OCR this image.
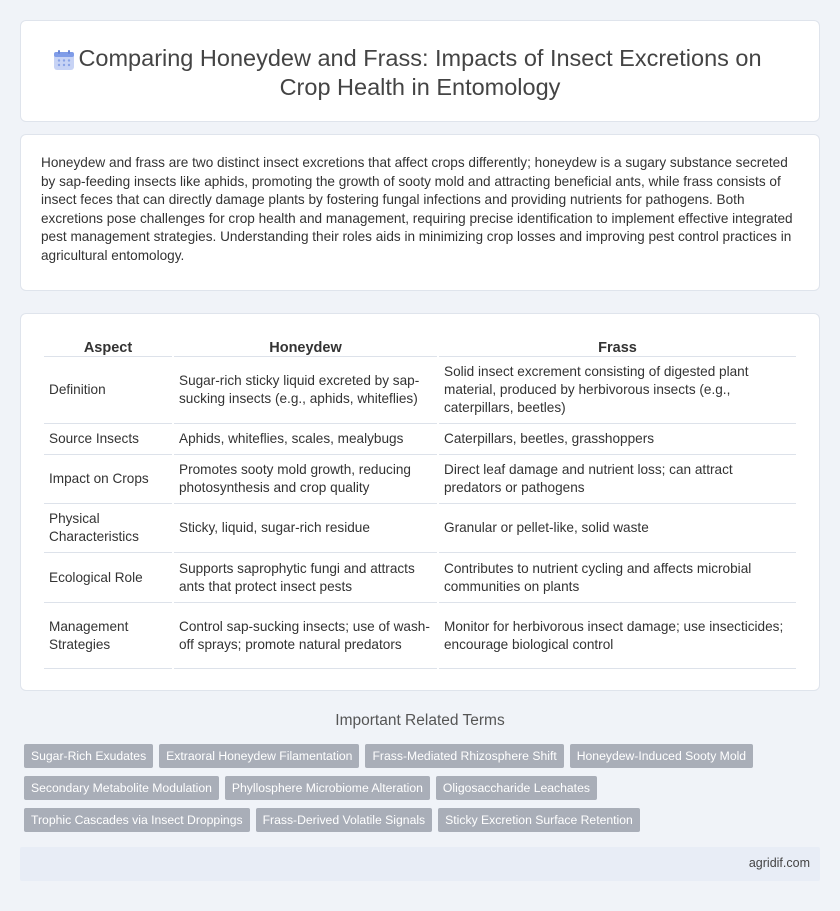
Comparing Honeydew and Frass: Impacts of Insect Excretions on Crop Health in Entomology

Honeydew and frass are two distinct insect excretions that affect crops differently; honeydew is a sugary substance secreted by sap-feeding insects like aphids, promoting the growth of sooty mold and attracting beneficial ants, while frass consists of insect feces that can directly damage plants by fostering fungal infections and providing nutrients for pathogens. Both excretions pose challenges for crop health and management, requiring precise identification to implement effective integrated pest management strategies. Understanding their roles aids in minimizing crop losses and improving pest control practices in agricultural entomology.

Aspect	Honeydew	Frass
Definition	Sugar-rich sticky liquid excreted by sap-sucking insects (e.g., aphids, whiteflies)	Solid insect excrement consisting of digested plant material, produced by herbivorous insects (e.g., caterpillars, beetles)
Source Insects	Aphids, whiteflies, scales, mealybugs	Caterpillars, beetles, grasshoppers
Impact on Crops	Promotes sooty mold growth, reducing photosynthesis and crop quality	Direct leaf damage and nutrient loss; can attract predators or pathogens
Physical Characteristics	Sticky, liquid, sugar-rich residue	Granular or pellet-like, solid waste
Ecological Role	Supports saprophytic fungi and attracts ants that protect insect pests	Contributes to nutrient cycling and affects microbial communities on plants
Management Strategies	Control sap-sucking insects; use of wash-off sprays; promote natural predators	Monitor for herbivorous insect damage; use insecticides; encourage biological control
Important Related Terms
Sugar-Rich Exudates	Extraoral Honeydew Filamentation	Frass-Mediated Rhizosphere Shift	Honeydew-Induced Sooty Mold
Secondary Metabolite Modulation	Phyllosphere Microbiome Alteration	Oligosaccharide Leachates
Trophic Cascades via Insect Droppings	Frass-Derived Volatile Signals	Sticky Excretion Surface Retention
agridif.com
